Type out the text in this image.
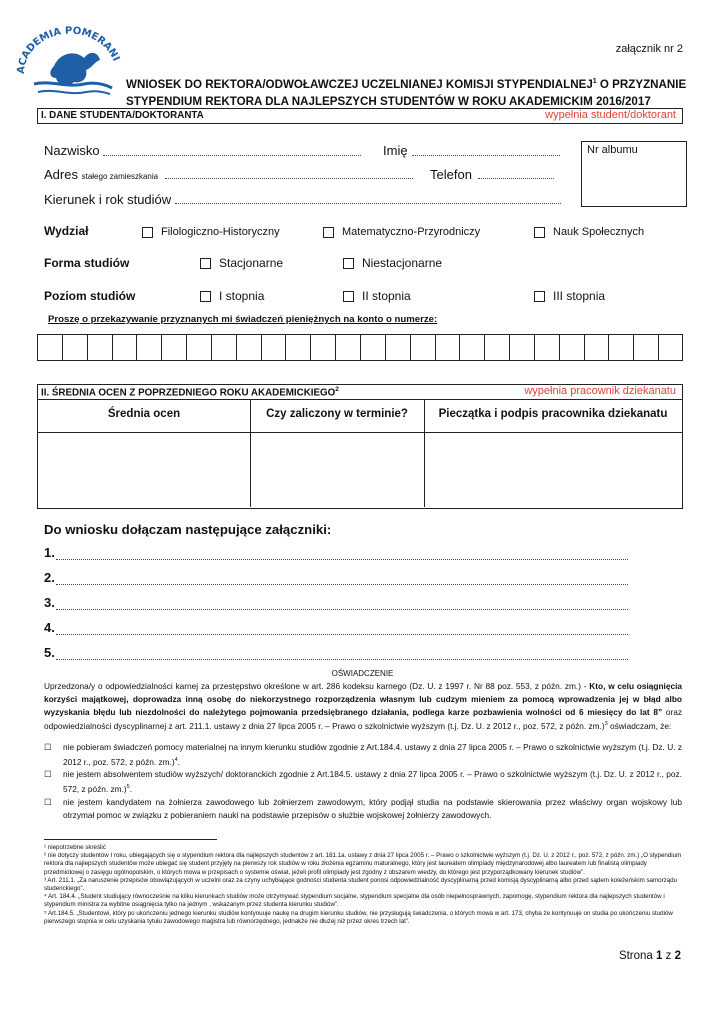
ACADEMIA POMERANI
załącznik nr 2
WNIOSEK DO REKTORA/ODWOŁAWCZEJ UCZELNIANEJ KOMISJI STYPENDIALNEJ$^1$ O PRZYZNANIE
STYPENDIUM REKTORA DLA NAJLEPSZYCH STUDENTÓW W ROKU AKADEMICKIM 2016/2017
I. DANE STUDENTA/DOKTORANTA	wypełnia student/doktorant
Nazwisko	Imię	Nr albumu
Adres stałego zamieszkania	Telefon
Kierunek i rok studiów
Wydział	Filologiczno-Historyczny	Matematyczno-Przyrodniczy	Nauk Społecznych
Forma studiów	Stacjonarne	Niestacjonarne
Poziom studiów	I stopnia	II stopnia	III stopnia
Proszę o przekazywanie przyznanych mi świadczeń pieniężnych na konto o numerze:
II. ŚREDNIA OCEN Z POPRZEDNIEGO ROKU AKADEMICKIEGO$^2$	wypełnia pracownik dziekanatu
Średnia ocen	Czy zaliczony w terminie?	Pieczątka i podpis pracownika dziekanatu
Do wniosku dołączam następujące załączniki:
1.
2.
3.
4.
5.
OŚWIADCZENIE
Uprzedzona/y o odpowiedzialności karnej za przestępstwo określone w art. 286 kodeksu karnego (Dz. U. z 1997 r. Nr 88 poz. 553, z późn. zm.) - Kto, w celu osiągnięcia korzyści majątkowej, doprowadza inną osobę do niekorzystnego rozporządzenia własnym lub cudzym mieniem za pomocą wprowadzenia jej w błąd albo wyzyskania błędu lub niezdolności do należytego pojmowania przedsiębranego działania, podlega karze pozbawienia wolności od 6 miesięcy do lat 8” oraz odpowiedzialności dyscyplinarnej z art. 211.1. ustawy z dnia 27 lipca 2005 r. – Prawo o szkolnictwie wyższym (t.j. Dz. U. z 2012 r., poz. 572, z późn. zm.)$^3$ oświadczam, że:
☐ nie pobieram świadczeń pomocy materialnej na innym kierunku studiów zgodnie z Art.184.4. ustawy z dnia 27 lipca 2005 r. – Prawo o szkolnictwie wyższym (t.j. Dz. U. z 2012 r., poz. 572, z późn. zm.)$^4$.
☐ nie jestem absolwentem studiów wyższych/ doktoranckich zgodnie z Art.184.5. ustawy z dnia 27 lipca 2005 r. – Prawo o szkolnictwie wyższym (t.j. Dz. U. z 2012 r., poz. 572, z późn. zm.)$^5$.
☐ nie jestem kandydatem na żołnierza zawodowego lub żołnierzem zawodowym, który podjął studia na podstawie skierowania przez właściwy organ wojskowy lub otrzymał pomoc w związku z pobieraniem nauki na podstawie przepisów o służbie wojskowej żołnierzy zawodowych.
¹ niepotrzebne skreślić
² nie dotyczy studentów I roku, ubiegających się o stypendium rektora dla najlepszych studentów z art. 181.1a. ustawy z dnia 27 lipca 2005 r. – Prawo o szkolnictwie wyższym (t.j. Dz. U. z 2012 r., poz. 572, z późn. zm.) „O stypendium rektora dla najlepszych studentów może ubiegać się student przyjęty na pierwszy rok studiów w roku złożenia egzaminu maturalnego, który jest laureatem olimpiady międzynarodowej albo laureatem lub finalistą olimpiady przedmiotowej o zasięgu ogólnopolskim, o których mowa w przepisach o systemie oświat, jeżeli profil olimpiady jest zgodny z obszarem wiedzy, do którego jest przyporządkowany kierunek studiów”.
³ Art. 211.1. „Za naruszenie przepisów obowiązujących w uczelni oraz za czyny uchybiające godności studenta student ponosi odpowiedzialność dyscyplinarną przed komisją dyscyplinarną albo przed sądem koleżeńskim samorządu studenckiego”.
⁴ Art. 184.4. „Student studiujący równocześnie na kilku kierunkach studiów może otrzymywać stypendium socjalne, stypendium specjalne dla osób niepełnosprawnych, zapomogę, stypendium rektora dla najlepszych studentów i stypendium ministra za wybitne osiągnięcia tylko na jednym , wskazanym przez studenta kierunku studiów”.
⁵ Art.184.5. „Studentowi, który po ukończeniu jednego kierunku studiów kontynuuje naukę na drugim kierunku studiów, nie przysługują świadczenia, o których mowa w art. 173, chyba że kontynuuje on studia po ukończeniu studiów pierwszego stopnia w celu uzyskania tytułu zawodowego magistra lub równorzędnego, jednakże nie dłużej niż przez okres trzech lat”.
Strona 1 z 2
